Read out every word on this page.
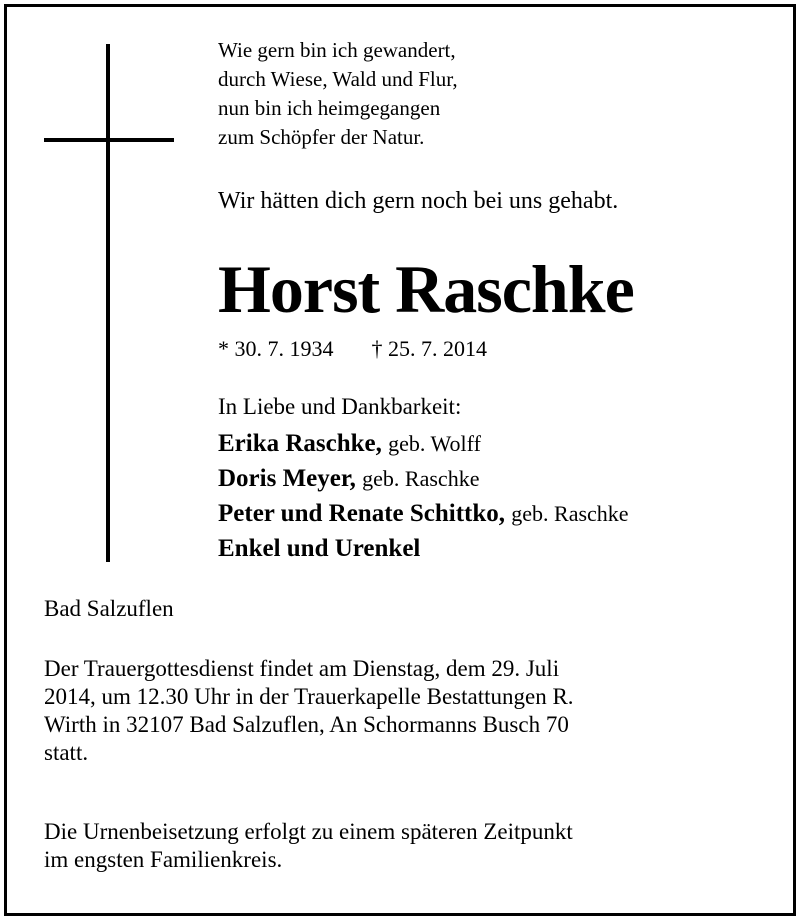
Wie gern bin ich gewandert,
durch Wiese, Wald und Flur,
nun bin ich heimgegangen
zum Schöpfer der Natur.
Wir hätten dich gern noch bei uns gehabt.
Horst Raschke
* 30. 7. 1934 † 25. 7. 2014
In Liebe und Dankbarkeit:
Erika Raschke, geb. Wolff
Doris Meyer, geb. Raschke
Peter und Renate Schittko, geb. Raschke
Enkel und Urenkel
Bad Salzuflen
Der Trauergottesdienst findet am Dienstag, dem 29. Juli
2014, um 12.30 Uhr in der Trauerkapelle Bestattungen R.
Wirth in 32107 Bad Salzuflen, An Schormanns Busch 70
statt.
Die Urnenbeisetzung erfolgt zu einem späteren Zeitpunkt
im engsten Familienkreis.
